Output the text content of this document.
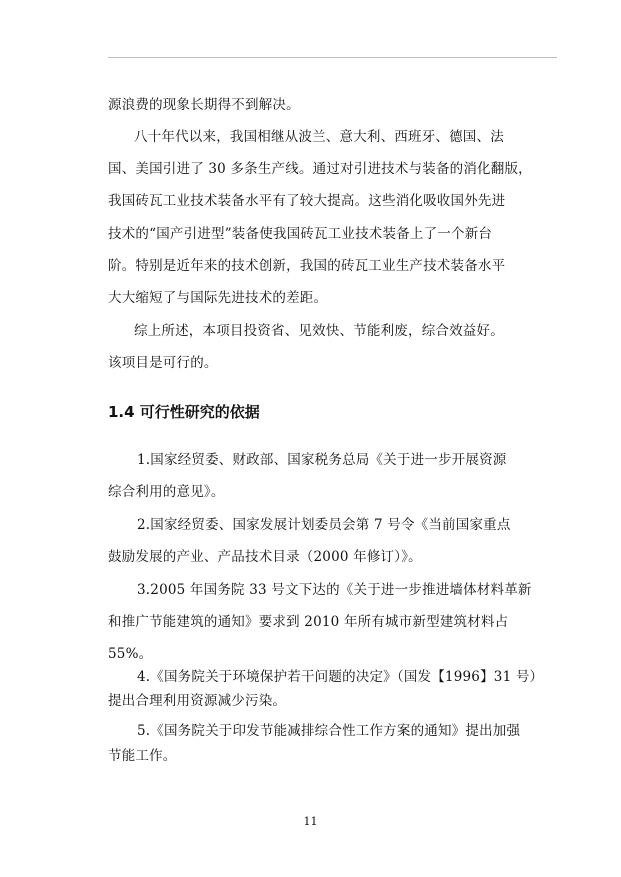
源浪费的现象长期得不到解决。
八十年代以来，我国相继从波兰、意大利、西班牙、德国、法
国、美国引进了 30 多条生产线。通过对引进技术与装备的消化翻版，
我国砖瓦工业技术装备水平有了较大提高。这些消化吸收国外先进
技术的“国产引进型”装备使我国砖瓦工业技术装备上了一个新台
阶。特别是近年来的技术创新，我国的砖瓦工业生产技术装备水平
大大缩短了与国际先进技术的差距。
综上所述，本项目投资省、见效快、节能利废，综合效益好。
该项目是可行的。
1.4 可行性研究的依据
1.国家经贸委、财政部、国家税务总局《关于进一步开展资源
综合利用的意见》。
2.国家经贸委、国家发展计划委员会第 7 号令《当前国家重点
鼓励发展的产业、产品技术目录（2000 年修订）》。
3.2005 年国务院 33 号文下达的《关于进一步推进墙体材料革新
和推广节能建筑的通知》要求到 2010 年所有城市新型建筑材料占
55%。
4.《国务院关于环境保护若干问题的决定》（国发【1996】31 号）
提出合理利用资源减少污染。
5.《国务院关于印发节能减排综合性工作方案的通知》提出加强
节能工作。
11
